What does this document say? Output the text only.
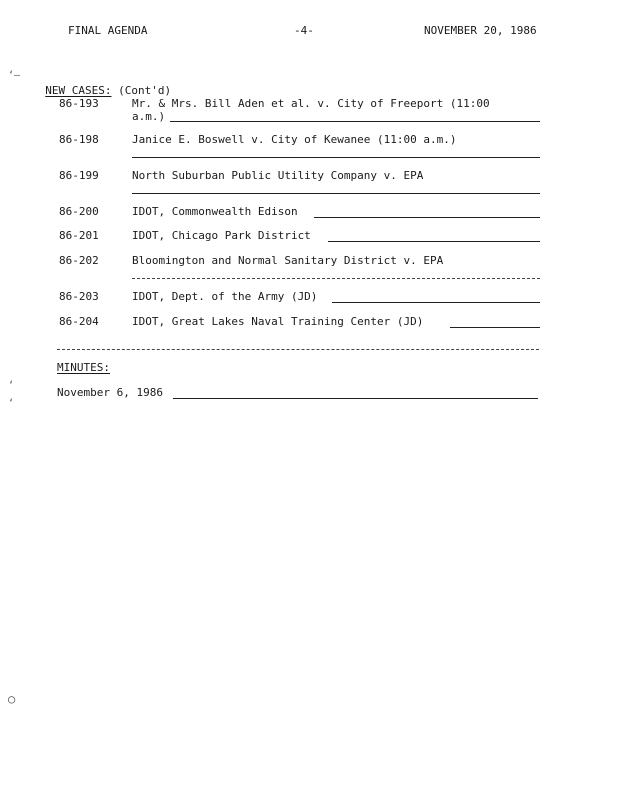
FINAL AGENDA	-4-	NOVEMBER 20, 1986
‘—

NEW CASES: (Cont'd)

86-193	Mr. & Mrs. Bill Aden et al. v. City of Freeport (11:00
a.m.)
86-198	Janice E. Boswell v. City of Kewanee (11:00 a.m.)
86-199	North Suburban Public Utility Company v. EPA
86-200	IDOT, Commonwealth Edison
86-201	IDOT, Chicago Park District
86-202	Bloomington and Normal Sanitary District v. EPA
86-203	IDOT, Dept. of the Army (JD)
86-204	IDOT, Great Lakes Naval Training Center (JD)
‘
‘
MINUTES:
November 6, 1986
○
